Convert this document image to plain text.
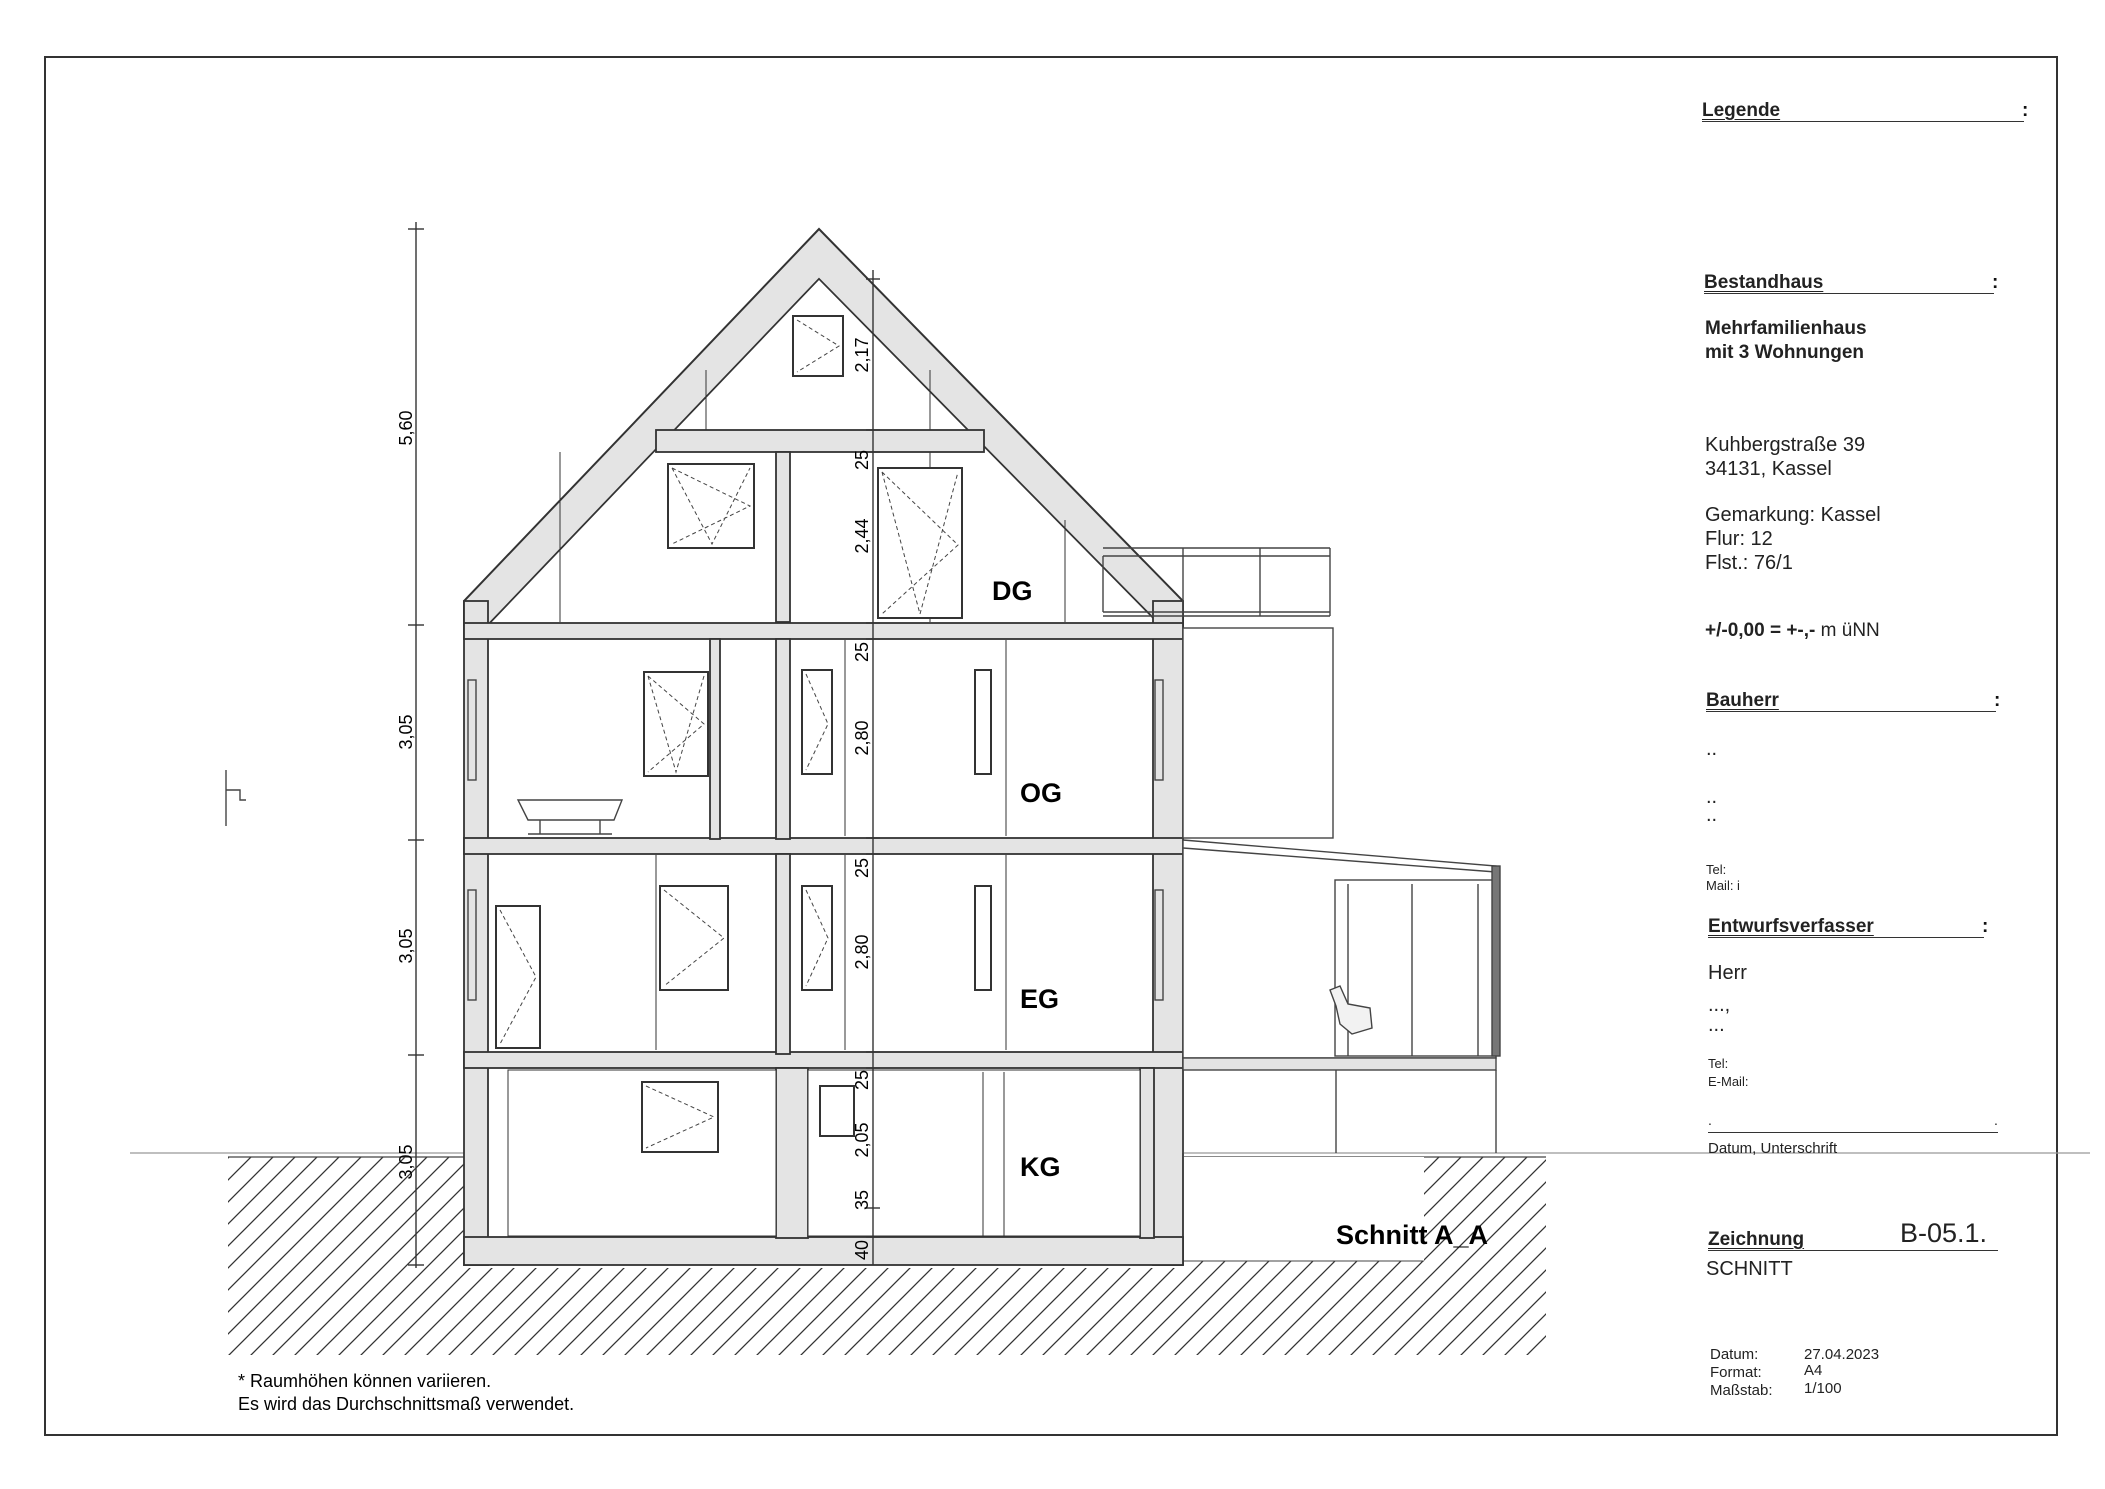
5,60
3,05
3,05
3,05
2,17
25
2,44
25
2,80
25
2,80
25
2,05
35
40
DG
OG
EG
KG
Schnitt A_A
* Raumhöhen können variieren.
Es wird das Durchschnittsmaß verwendet.
Legende	:
Bestandhaus	:
Mehrfamilienhaus
mit 3 Wohnungen
Kuhbergstraße 39
34131, Kassel
Gemarkung: Kassel
Flur: 12
Flst.: 76/1
+/-0,00 = +-,- m üNN
Bauherr	:
..
..
..
Tel:
Mail: i
Entwurfsverfasser	:
Herr
...,
...
Tel:
E-Mail:
.	.
Datum, Unterschrift
Zeichnung	B-05.1.
SCHNITT
Datum:	27.04.2023
Format:	A4
Maßstab: 1/100
